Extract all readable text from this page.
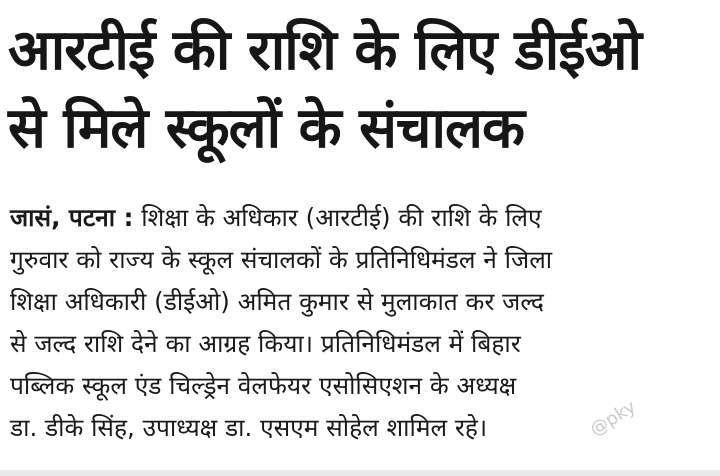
आरटीई की राशि के लिए डीईओ
से मिले स्कूलों के संचालक
जासं, पटना : शिक्षा के अधिकार (आरटीई) की राशि के लिए
गुरुवार को राज्य के स्कूल संचालकों के प्रतिनिधिमंडल ने जिला
शिक्षा अधिकारी (डीईओ) अमित कुमार से मुलाकात कर जल्द
से जल्द राशि देने का आग्रह किया। प्रतिनिधिमंडल में बिहार
पब्लिक स्कूल एंड चिल्ड्रेन वेलफेयर एसोसिएशन के अध्यक्ष
डा. डीके सिंह, उपाध्यक्ष डा. एसएम सोहेल शामिल रहे।	@pky
